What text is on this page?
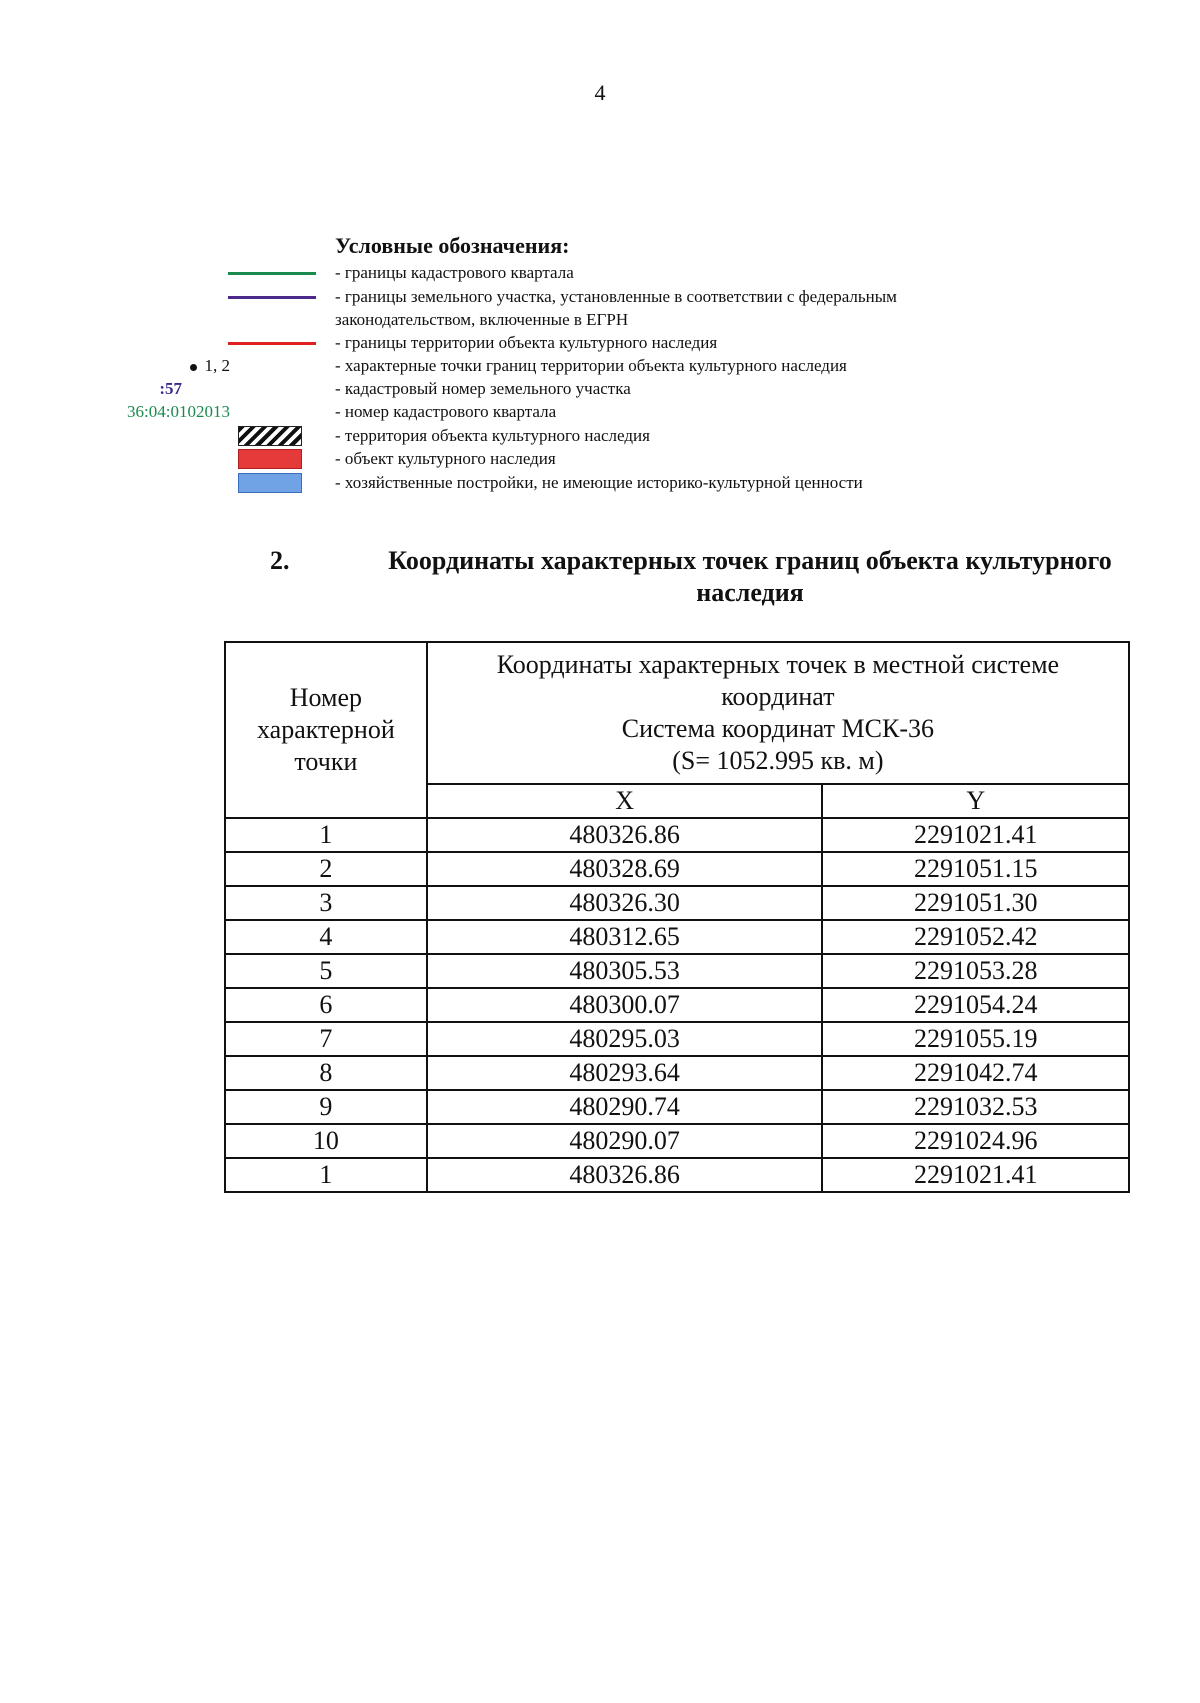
4
Условные обозначения:
- границы кадастрового квартала
- границы земельного участка, установленные в соответствии с федеральным
законодательством, включенные в ЕГРН
- границы территории объекта культурного наследия
1, 2	- характерные точки границ территории объекта культурного наследия
:57	- кадастровый номер земельного участка
36:04:0102013	- номер кадастрового квартала
- территория объекта культурного наследия
- объект культурного наследия
- хозяйственные постройки, не имеющие историко-культурной ценности
2.	Координаты характерных точек границ объекта культурного наследия
Номер характерной точки	Координаты характерных точек в местной системе координат
Система координат МСК-36
(S= 1052.995 кв. м)	

	X	Y
1	480326.86	2291021.41
2	480328.69	2291051.15
3	480326.30	2291051.30
4	480312.65	2291052.42
5	480305.53	2291053.28
6	480300.07	2291054.24
7	480295.03	2291055.19
8	480293.64	2291042.74
9	480290.74	2291032.53
10	480290.07	2291024.96
1	480326.86	2291021.41
